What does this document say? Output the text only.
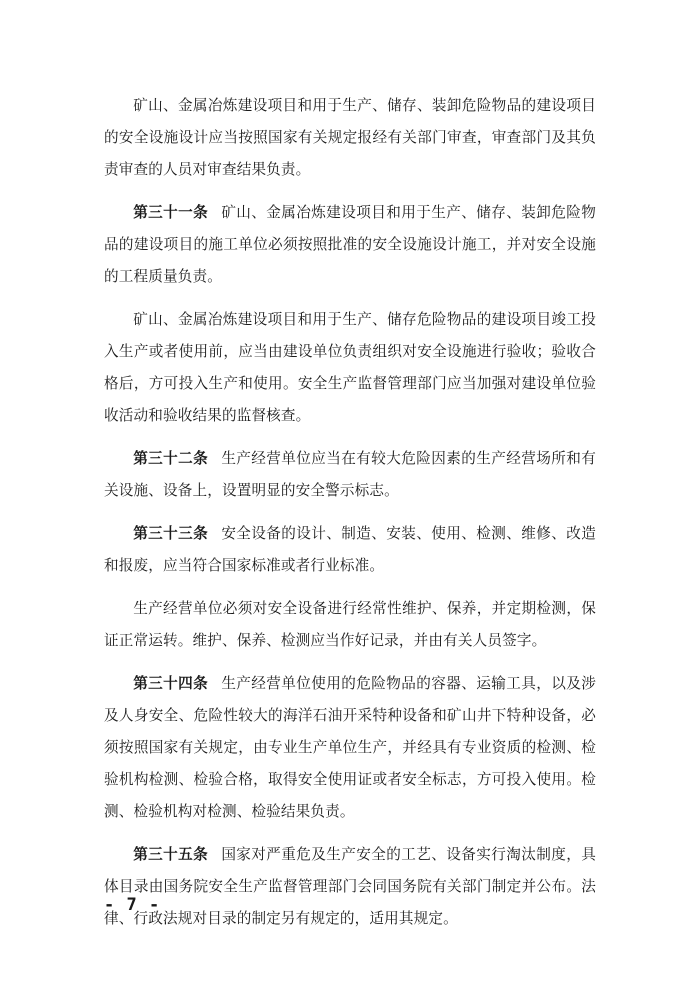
矿山、金属冶炼建设项目和用于生产、储存、装卸危险物品的建设项目的安全设施设计应当按照国家有关规定报经有关部门审查，审查部门及其负责审查的人员对审查结果负责。

第三十一条 矿山、金属冶炼建设项目和用于生产、储存、装卸危险物品的建设项目的施工单位必须按照批准的安全设施设计施工，并对安全设施的工程质量负责。

矿山、金属冶炼建设项目和用于生产、储存危险物品的建设项目竣工投入生产或者使用前，应当由建设单位负责组织对安全设施进行验收；验收合格后，方可投入生产和使用。安全生产监督管理部门应当加强对建设单位验收活动和验收结果的监督核查。

第三十二条 生产经营单位应当在有较大危险因素的生产经营场所和有关设施、设备上，设置明显的安全警示标志。

第三十三条 安全设备的设计、制造、安装、使用、检测、维修、改造和报废，应当符合国家标准或者行业标准。

生产经营单位必须对安全设备进行经常性维护、保养，并定期检测，保证正常运转。维护、保养、检测应当作好记录，并由有关人员签字。

第三十四条 生产经营单位使用的危险物品的容器、运输工具，以及涉及人身安全、危险性较大的海洋石油开采特种设备和矿山井下特种设备，必须按照国家有关规定，由专业生产单位生产，并经具有专业资质的检测、检验机构检测、检验合格，取得安全使用证或者安全标志，方可投入使用。检测、检验机构对检测、检验结果负责。

第三十五条 国家对严重危及生产安全的工艺、设备实行淘汰制度，具体目录由国务院安全生产监督管理部门会同国务院有关部门制定并公布。法律、行政法规对目录的制定另有规定的，适用其规定。

- 7 -
